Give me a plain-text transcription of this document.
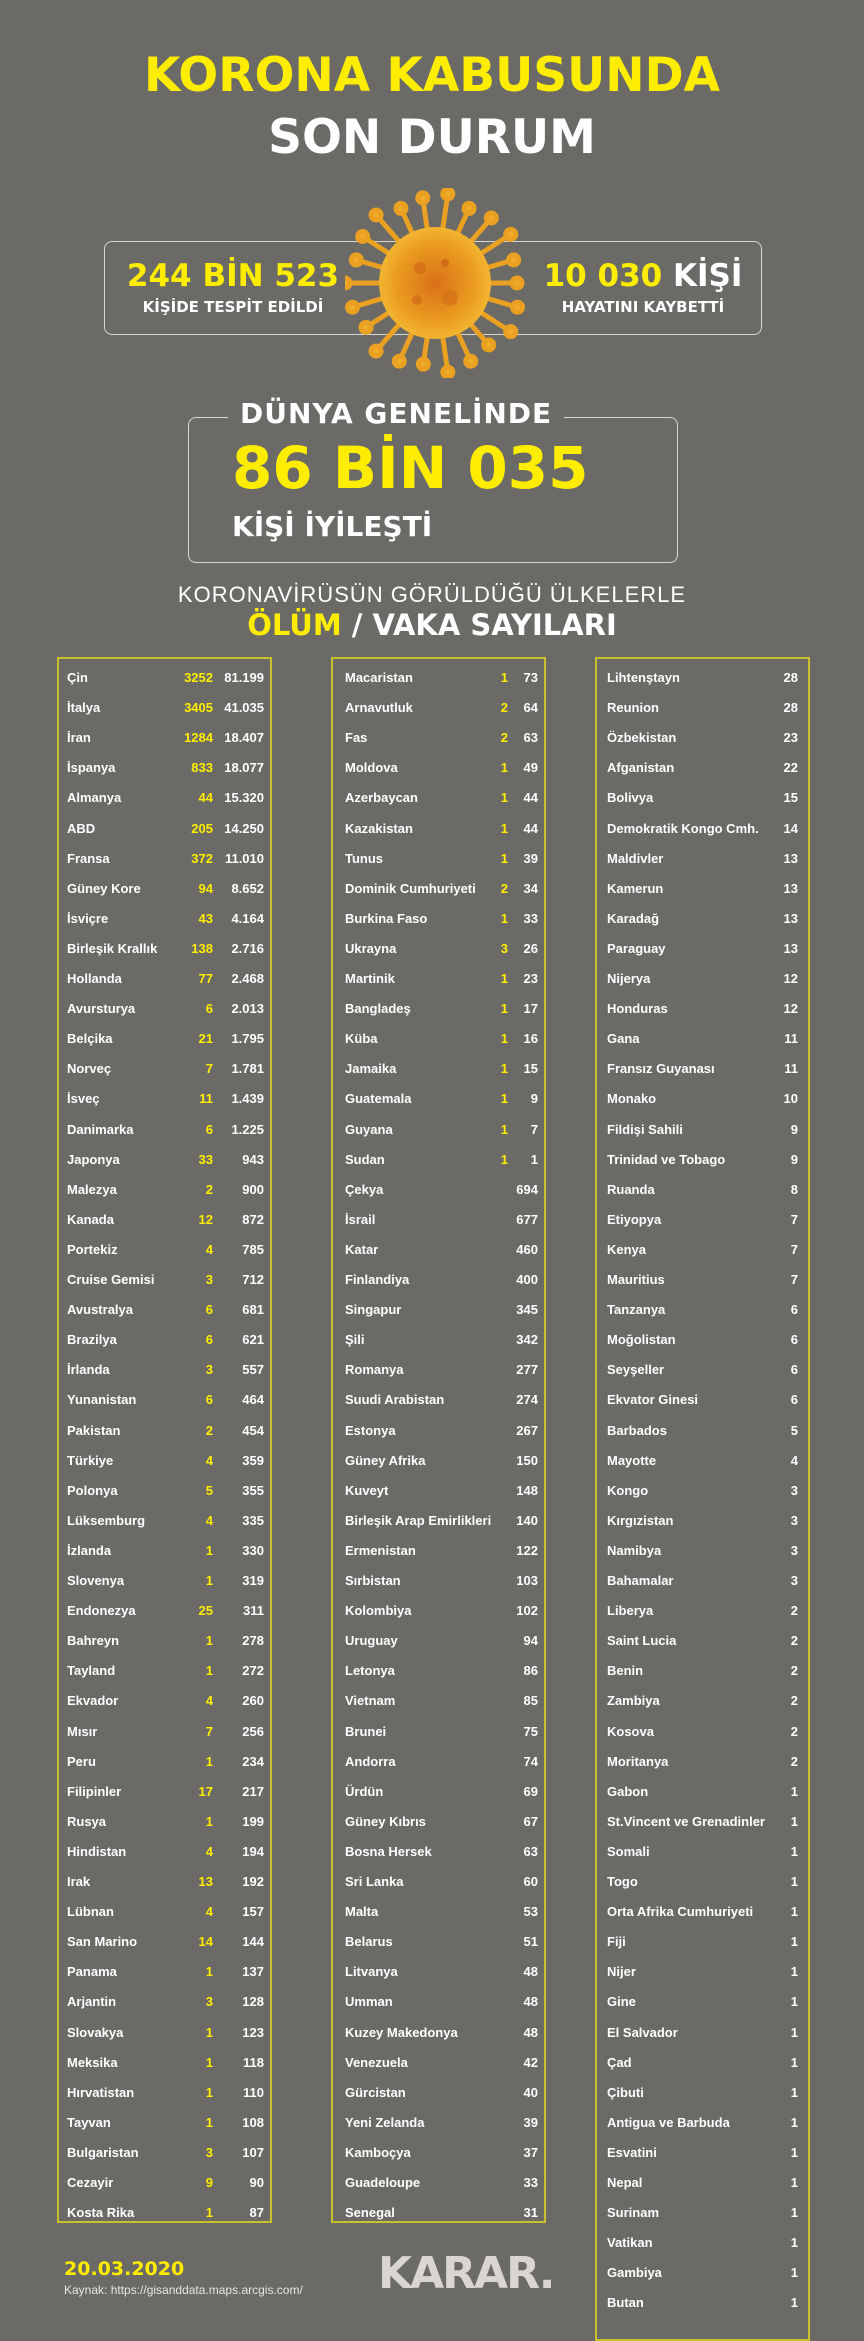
KORONA KABUSUNDA
SON DURUM
244 BİN 523
KİŞİDE TESPİT EDİLDİ
10 030 KİŞİ
HAYATINI KAYBETTİ
DÜNYA GENELİNDE
86 BİN 035
KİŞİ İYİLEŞTİ
KORONAVİRÜSÜN GÖRÜLDÜĞÜ ÜLKELERLE
ÖLÜM / VAKA SAYILARI
Çin	3252 81.199
İtalya	3405 41.035
İran	1284 18.407
İspanya	833 18.077
Almanya	44 15.320
ABD	205 14.250
Fransa	372 11.010
Güney Kore	94 8.652
İsviçre	43 4.164
Birleşik Krallık	138 2.716
Hollanda	77 2.468
Avursturya	6 2.013
Belçika	21 1.795
Norveç	7 1.781
İsveç	11 1.439
Danimarka	6 1.225
Japonya	33 943
Malezya	2 900
Kanada	12 872
Portekiz	4 785
Cruise Gemisi	3 712
Avustralya	6 681
Brazilya	6 621
İrlanda	3 557
Yunanistan	6 464
Pakistan	2 454
Türkiye	4 359
Polonya	5 355
Lüksemburg	4 335
İzlanda	1 330
Slovenya	1 319
Endonezya	25 311
Bahreyn	1 278
Tayland	1 272
Ekvador	4 260
Mısır	7 256
Peru	1 234
Filipinler	17 217
Rusya	1 199
Hindistan	4 194
Irak	13 192
Lübnan	4 157
San Marino	14 144
Panama	1 137
Arjantin	3 128
Slovakya	1 123
Meksika	1 118
Hırvatistan	1 110
Tayvan	1 108
Bulgaristan	3 107
Cezayir	9	90
Kosta Rika	1	87
Macaristan	1 73
Arnavutluk	2 64
Fas	2 63
Moldova	1 49
Azerbaycan	1 44
Kazakistan	1 44
Tunus	1 39
Dominik Cumhuriyeti 2 34
Burkina Faso	1 33
Ukrayna	3 26
Martinik	1 23
Bangladeş	1 17
Küba	1 16
Jamaika	1 15
Guatemala	1 9
Guyana	1 7
Sudan	1 1
Çekya	694
İsrail	677
Katar	460
Finlandiya	400
Singapur	345
Şili	342
Romanya	277
Suudi Arabistan	274
Estonya	267
Güney Afrika	150
Kuveyt	148
Birleşik Arap Emirlikleri 140
Ermenistan	122
Sırbistan	103
Kolombiya	102
Uruguay	94
Letonya	86
Vietnam	85
Brunei	75
Andorra	74
Ürdün	69
Güney Kıbrıs	67
Bosna Hersek	63
Sri Lanka	60
Malta	53
Belarus	51
Litvanya	48
Umman	48
Kuzey Makedonya	48
Venezuela	42
Gürcistan	40
Yeni Zelanda	39
Kamboçya	37
Guadeloupe	33
Senegal	31
Lihtenştayn	28
Reunion	28
Özbekistan	23
Afganistan	22
Bolivya	15
Demokratik Kongo Cmh. 14
Maldivler	13
Kamerun	13
Karadağ	13
Paraguay	13
Nijerya	12
Honduras	12
Gana	11
Fransız Guyanası	11
Monako	10
Fildişi Sahili	9
Trinidad ve Tobago	9
Ruanda	8
Etiyopya	7
Kenya	7
Mauritius	7
Tanzanya	6
Moğolistan	6
Seyşeller	6
Ekvator Ginesi	6
Barbados	5
Mayotte	4
Kongo	3
Kırgızistan	3
Namibya	3
Bahamalar	3
Liberya	2
Saint Lucia	2
Benin	2
Zambiya	2
Kosova	2
Moritanya	2
Gabon	1
St.Vincent ve Grenadinler 1
Somali	1
Togo	1
Orta Afrika Cumhuriyeti	1
Fiji	1
Nijer	1
Gine	1
El Salvador	1
Çad	1
Çibuti	1
Antigua ve Barbuda	1
Esvatini	1
Nepal	1
Surinam	1
Vatikan	1
Gambiya	1
Butan	1
20.03.2020
Kaynak: https://gisanddata.maps.arcgis.com/ KARAR.
